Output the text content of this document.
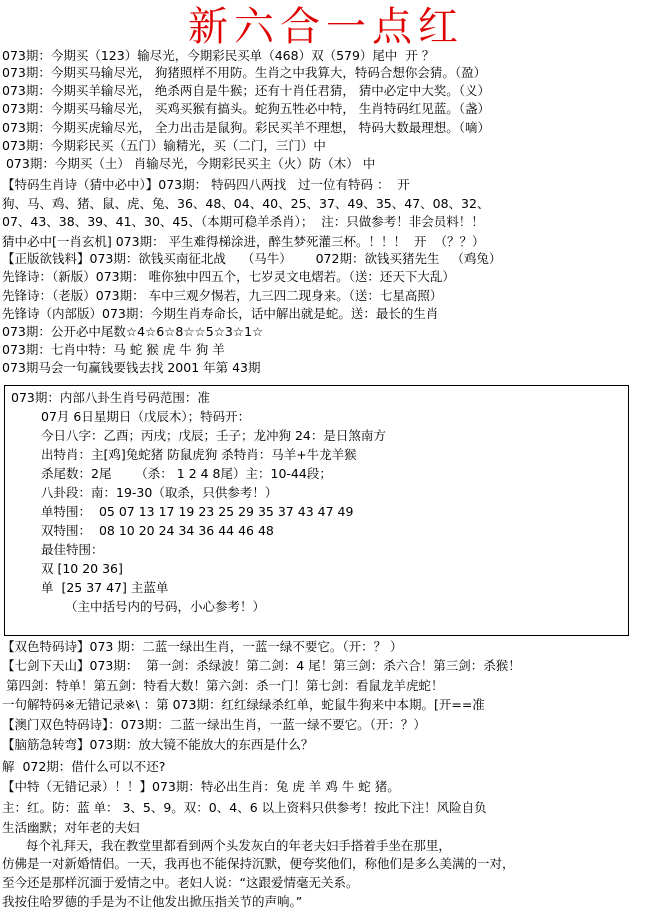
新六合一点红
073期：今期买（123）输尽光，今期彩民买单（468）双（579）尾中  开 ？
073期：今期买马输尽光， 狗猪照样不用防。生肖之中我算大，特码合想你会猜。（盈）
073期：今期买羊输尽光， 绝杀两自是牛猴；还有十肖任君猜， 猜中必定中大奖。（义）
073期：今期买马输尽光， 买鸡买猴有搞头。蛇狗五牲必中特， 生肖特码红见蓝。（盏）
073期：今期买虎输尽光， 全力出击是鼠狗。彩民买羊不理想， 特码大数最理想。（嘀）
073期：今期彩民买（五门）输精光，买（二门，三门）中
073期：今期买（土） 肖输尽光，今期彩民买主（火）防（木） 中
【特码生肖诗（猜中必中）】073期： 特码四八两找   过一位有特码 ：  开
狗、马、鸡、猪、鼠、虎、兔、36、48、04、40、25、37、49、35、47、08、32、
07、43、38、39、41、30、45、（本期可稳羊杀肖）；  注：只做参考！非会员料！！
猜中必中[一肖玄机] 073期： 平生难得梯涂进，醉生梦死灌三杯。！！！  开  （？？）
【正版欲钱料】073期：欲钱买南征北战    （马牛）      072期：欲钱买猪先生   （鸡兔）
先锋诗：（新版）073期： 唯你独中四五个，七岁灵文电熠若。（送：还天下大乱）
先锋诗：（老版）073期： 车中三观夕惕若，九三四二现身来。（送：七星高照）
先锋诗（内部版）073期：今期生肖寿命长，话中解出就是蛇。送：最长的生肖
073期：公开必中尾数☆4☆6☆8☆☆5☆3☆1☆
073期：七肖中特：马 蛇 猴 虎 牛 狗 羊
073期马会一句赢钱要钱去找 2001 年第 43期
073期：内部八卦生肖号码范围：准
07月 6日星期日（戊辰木）；特码开：
今日八字：乙酉；丙戌；戊辰；壬子；龙冲狗 24：是日煞南方
出特肖：主[鸡]兔蛇猪 防鼠虎狗 杀特肖：马羊+牛龙羊猴
杀尾数：2尾      （杀： 1 2 4 8尾）主：10-44段；
八卦段：南：19-30（取杀，只供参考！）
单特围：  05 07 13 17 19 23 25 29 35 37 43 47 49
双特围：  08 10 20 24 34 36 44 46 48
最佳特围：
双 [10 20 36]
单  [25 37 47] 主蓝单
（主中括号内的号码，小心参考！）
【双色特码诗】073 期：二蓝一绿出生肖，一蓝一绿不要它。（开：？ ）
【七剑下天山】073期：  第一剑：杀绿波！第二剑：4 尾！第三剑：杀六合！第三剑：杀猴！
第四剑：特单！第五剑：特看大数！第六剑：杀一门！第七剑：看鼠龙羊虎蛇！
一句解特码※无错记录※\ ：第 073期：红红绿绿杀红单，蛇鼠牛狗来中本期。[开==准
【澳门双色特码诗】：073期：二蓝一绿出生肖，一蓝一绿不要它。（开：？）
【脑筋急转弯】073期：放大镜不能放大的东西是什么？
解  072期：借什么可以不还?
【中特（无错记录）！！】073期：特必出生肖：兔 虎 羊 鸡 牛 蛇 猪。
主：红。防：蓝 单： 3、5、9。双：0、4、6 以上资料只供参考！按此下注！风险自负
生活幽默；对年老的夫妇
每个礼拜天，我在教堂里都看到两个头发灰白的年老夫妇手搭着手坐在那里，
仿佛是一对新婚情侣。一天，我再也不能保持沉默，便夸奖他们，称他们是多么美满的一对，
至今还是那样沉湎于爱情之中。老妇人说：“这跟爱情毫无关系。
我按住哈罗德的手是为不让他发出掀压指关节的声响。”
